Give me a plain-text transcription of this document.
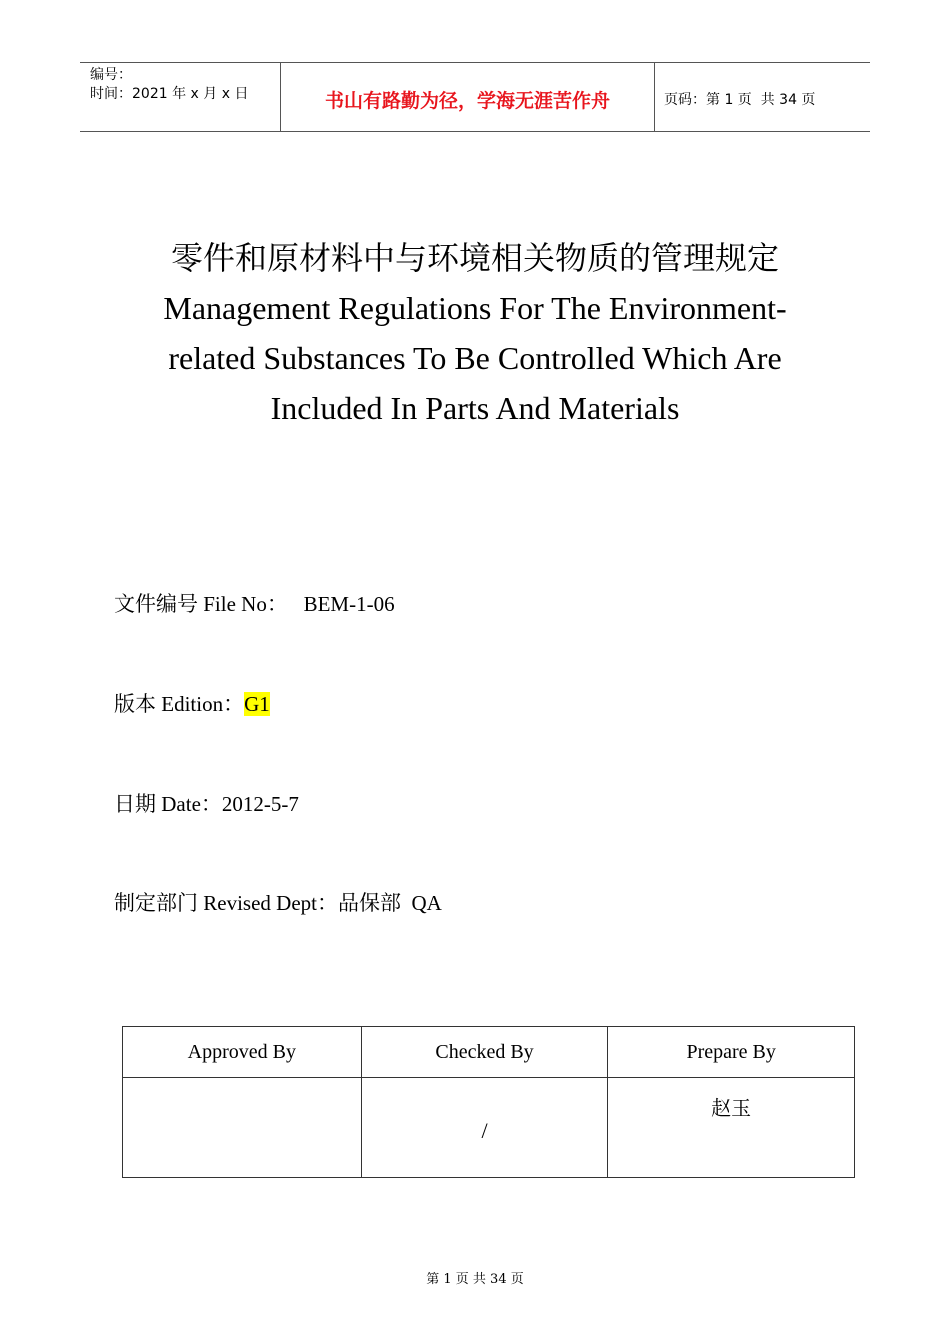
编号：
时间：2021 年 x 月 x 日	书山有路勤为径，学海无涯苦作舟	页码：第 1 页  共 34 页
零件和原材料中与环境相关物质的管理规定
Management Regulations For The Environment-
related Substances To Be Controlled Which Are
Included In Parts And Materials
文件编号 File No： BEM-1-06
版本 Edition：G1
日期 Date：2012-5-7
制定部门 Revised Dept：品保部  QA
Approved By	Checked By	Prepare By

	/	赵玉
第 1 页 共 34 页
